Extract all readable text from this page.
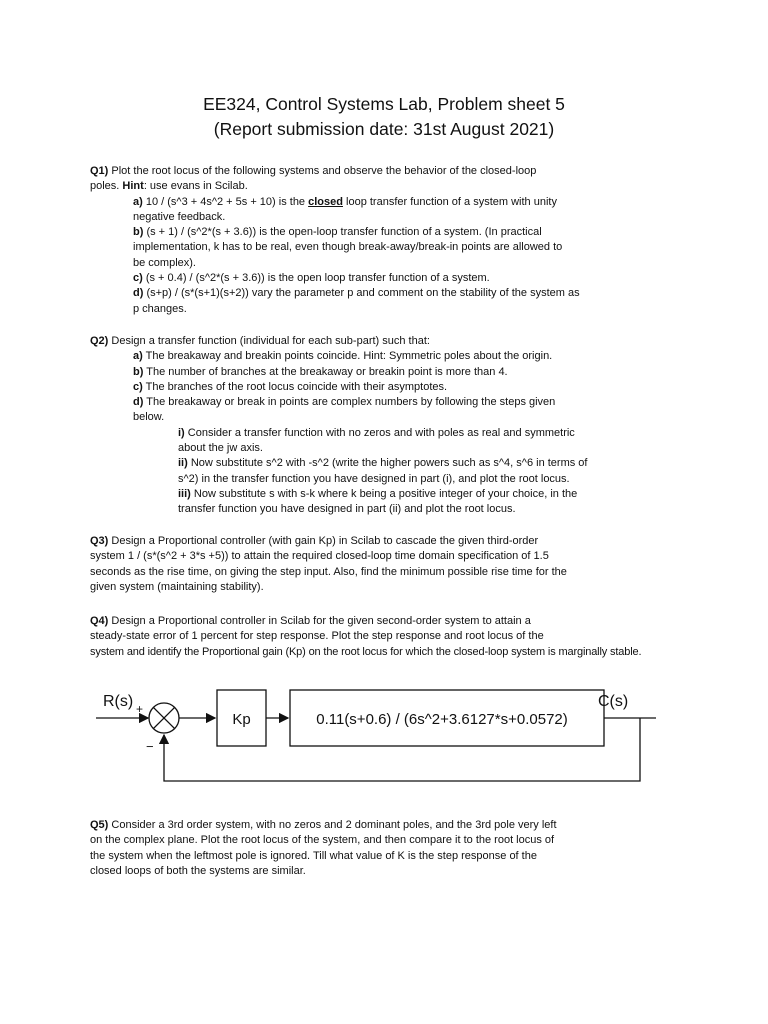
EE324, Control Systems Lab, Problem sheet 5
(Report submission date: 31st August 2021)

Q1) Plot the root locus of the following systems and observe the behavior of the closed-loop

poles. Hint: use evans in Scilab.

a) 10 / (s^3 + 4s^2 + 5s + 10) is the closed loop transfer function of a system with unity

negative feedback.

b) (s + 1) / (s^2*(s + 3.6)) is the open-loop transfer function of a system. (In practical

implementation, k has to be real, even though break-away/break-in points are allowed to

be complex).

c) (s + 0.4) / (s^2*(s + 3.6)) is the open loop transfer function of a system.

d) (s+p) / (s*(s+1)(s+2)) vary the parameter p and comment on the stability of the system as

p changes.

Q2) Design a transfer function (individual for each sub-part) such that:

a) The breakaway and breakin points coincide. Hint: Symmetric poles about the origin.

b) The number of branches at the breakaway or breakin point is more than 4.

c) The branches of the root locus coincide with their asymptotes.

d) The breakaway or break in points are complex numbers by following the steps given

below.

i) Consider a transfer function with no zeros and with poles as real and symmetric

about the jw axis.

ii) Now substitute s^2 with -s^2 (write the higher powers such as s^4, s^6 in terms of

s^2) in the transfer function you have designed in part (i), and plot the root locus.

iii) Now substitute s with s-k where k being a positive integer of your choice, in the

transfer function you have designed in part (ii) and plot the root locus.

Q3) Design a Proportional controller (with gain Kp) in Scilab to cascade the given third-order

system 1 / (s*(s^2 + 3*s +5)) to attain the required closed-loop time domain specification of 1.5

seconds as the rise time, on giving the step input. Also, find the minimum possible rise time for the

given system (maintaining stability).

Q4) Design a Proportional controller in Scilab for the given second-order system to attain a

steady-state error of 1 percent for step response. Plot the step response and root locus of the

system and identify the Proportional gain (Kp) on the root locus for which the closed-loop system is marginally stable.

R(s) +
−
Kp	0.11(s+0.6) / (6s^2+3.6127*s+0.0572)
C(s)

Q5) Consider a 3rd order system, with no zeros and 2 dominant poles, and the 3rd pole very left

on the complex plane. Plot the root locus of the system, and then compare it to the root locus of

the system when the leftmost pole is ignored. Till what value of K is the step response of the

closed loops of both the systems are similar.
